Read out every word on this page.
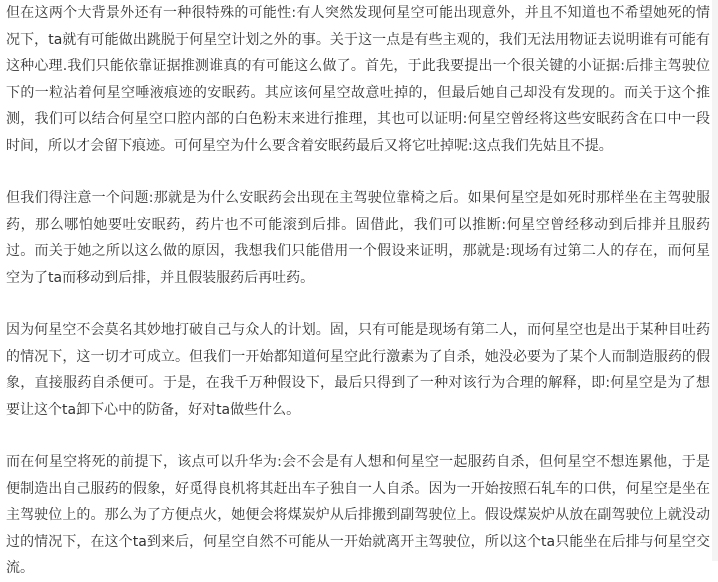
但在这两个大背景外还有一种很特殊的可能性:有人突然发现何星空可能出现意外，并且不知道也不希望她死的情况下，ta就有可能做出跳脱于何星空计划之外的事。关于这一点是有些主观的，我们无法用物证去说明谁有可能有这种心理.我们只能依靠证据推测谁真的有可能这么做了。首先，于此我要提出一个很关键的小证据:后排主驾驶位下的一粒沾着何星空唾液痕迹的安眠药。其应该何星空故意吐掉的，但最后她自己却没有发现的。而关于这个推测，我们可以结合何星空口腔内部的白色粉末来进行推理，其也可以证明:何星空曾经将这些安眠药含在口中一段时间，所以才会留下痕迹。可何星空为什么要含着安眠药最后又将它吐掉呢:这点我们先姑且不提。

但我们得注意一个问题:那就是为什么安眠药会出现在主驾驶位靠椅之后。如果何星空是如死时那样坐在主驾驶服药，那么哪怕她要吐安眠药，药片也不可能滚到后排。固借此，我们可以推断:何星空曾经移动到后排并且服药过。而关于她之所以这么做的原因，我想我们只能借用一个假设来证明，那就是:现场有过第二人的存在，而何星空为了ta而移动到后排，并且假装服药后再吐药。

因为何星空不会莫名其妙地打破自己与众人的计划。固，只有可能是现场有第二人，而何星空也是出于某种目吐药的情况下，这一切才可成立。但我们一开始都知道何星空此行激素为了自杀，她没必要为了某个人而制造服药的假象，直接服药自杀便可。于是，在我千万种假设下，最后只得到了一种对该行为合理的解释，即:何星空是为了想要让这个ta卸下心中的防备，好对ta做些什么。

而在何星空将死的前提下，该点可以升华为:会不会是有人想和何星空一起服药自杀，但何星空不想连累他，于是便制造出自己服药的假象，好觅得良机将其赶出车子独自一人自杀。因为一开始按照石轧车的口供，何星空是坐在主驾驶位上的。那么为了方便点火，她便会将煤炭炉从后排搬到副驾驶位上。假设煤炭炉从放在副驾驶位上就没动过的情况下，在这个ta到来后，何星空自然不可能从一开始就离开主驾驶位，所以这个ta只能坐在后排与何星空交流。
